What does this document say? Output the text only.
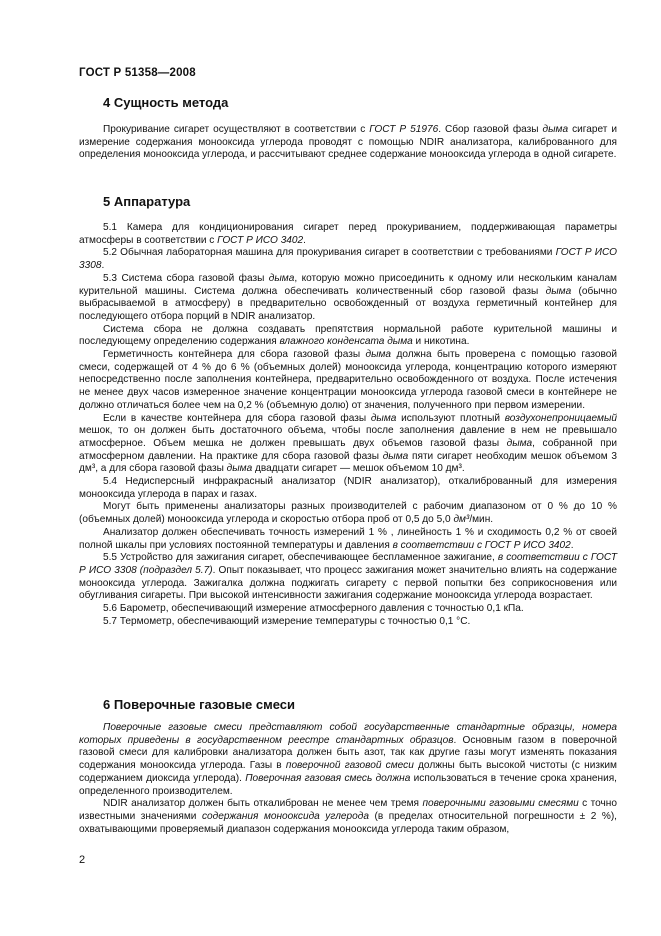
ГОСТ Р 51358—2008
4 Сущность метода

Прокуривание сигарет осуществляют в соответствии с ГОСТ Р 51976. Сбор газовой фазы дыма сигарет и измерение содержания монооксида углерода проводят с помощью NDIR анализатора, калиброванного для определения монооксида углерода, и рассчитывают среднее содержание монооксида углерода в одной сигарете.

5 Аппаратура

5.1 Камера для кондиционирования сигарет перед прокуриванием, поддерживающая параметры атмосферы в соответствии с ГОСТ Р ИСО 3402.

5.2 Обычная лабораторная машина для прокуривания сигарет в соответствии с требованиями ГОСТ Р ИСО 3308.

5.3 Система сбора газовой фазы дыма, которую можно присоединить к одному или нескольким каналам курительной машины. Система должна обеспечивать количественный сбор газовой фазы дыма (обычно выбрасываемой в атмосферу) в предварительно освобожденный от воздуха герметичный контейнер для последующего отбора порций в NDIR анализатор.

Система сбора не должна создавать препятствия нормальной работе курительной машины и последующему определению содержания влажного конденсата дыма и никотина.

Герметичность контейнера для сбора газовой фазы дыма должна быть проверена с помощью газовой смеси, содержащей от 4 % до 6 % (объемных долей) монооксида углерода, концентрацию которого измеряют непосредственно после заполнения контейнера, предварительно освобожденного от воздуха. После истечения не менее двух часов измеренное значение концентрации монооксида углерода газовой смеси в контейнере не должно отличаться более чем на 0,2 % (объемную долю) от значения, полученного при первом измерении.

Если в качестве контейнера для сбора газовой фазы дыма используют плотный воздухонепроницаемый мешок, то он должен быть достаточного объема, чтобы после заполнения давление в нем не превышало атмосферное. Объем мешка не должен превышать двух объемов газовой фазы дыма, собранной при атмосферном давлении. На практике для сбора газовой фазы дыма пяти сигарет необходим мешок объемом 3 дм³, а для сбора газовой фазы дыма двадцати сигарет — мешок объемом 10 дм³.

5.4 Недисперсный инфракрасный анализатор (NDIR анализатор), откалиброванный для измерения монооксида углерода в парах и газах.

Могут быть применены анализаторы разных производителей с рабочим диапазоном от 0 % до 10 % (объемных долей) монооксида углерода и скоростью отбора проб от 0,5 до 5,0 дм³/мин.

Анализатор должен обеспечивать точность измерений 1 % , линейность 1 % и сходимость 0,2 % от своей полной шкалы при условиях постоянной температуры и давления в соответствии с ГОСТ Р ИСО 3402.

5.5 Устройство для зажигания сигарет, обеспечивающее беспламенное зажигание, в соответствии с ГОСТ Р ИСО 3308 (подраздел 5.7). Опыт показывает, что процесс зажигания может значительно влиять на содержание монооксида углерода. Зажигалка должна поджигать сигарету с первой попытки без соприкосновения или обугливания сигареты. При высокой интенсивности зажигания содержание монооксида углерода возрастает.

5.6 Барометр, обеспечивающий измерение атмосферного давления с точностью 0,1 кПа.

5.7 Термометр, обеспечивающий измерение температуры с точностью 0,1 °С.

6 Поверочные газовые смеси

Поверочные газовые смеси представляют собой государственные стандартные образцы, номера которых приведены в государственном реестре стандартных образцов. Основным газом в поверочной газовой смеси для калибровки анализатора должен быть азот, так как другие газы могут изменять показания содержания монооксида углерода. Газы в поверочной газовой смеси должны быть высокой чистоты (с низким содержанием диоксида углерода). Поверочная газовая смесь должна использоваться в течение срока хранения, определенного производителем.

NDIR анализатор должен быть откалиброван не менее чем тремя поверочными газовыми смесями с точно известными значениями содержания монооксида углерода (в пределах относительной погрешности ± 2 %), охватывающими проверяемый диапазон содержания монооксида углерода таким образом,

2
